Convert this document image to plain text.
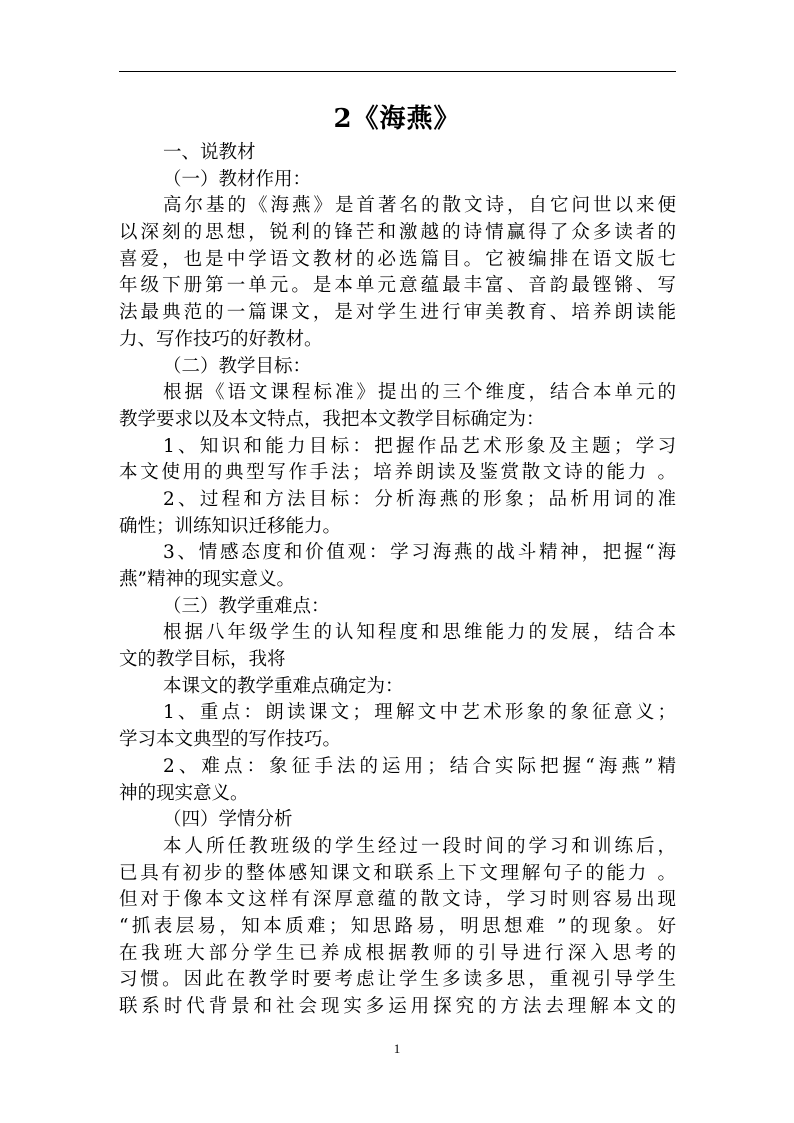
2《海燕》
一、说教材
（一）教材作用：
高尔基的《海燕》是首著名的散文诗，自它问世以来便
以深刻的思想，锐利的锋芒和激越的诗情赢得了众多读者的
喜爱，也是中学语文教材的必选篇目。它被编排在语文版七
年级下册第一单元。是本单元意蕴最丰富、音韵最铿锵、写
法最典范的一篇课文，是对学生进行审美教育、培养朗读能
力、写作技巧的好教材。
（二）教学目标：
根据《语文课程标准》提出的三个维度，结合本单元的
教学要求以及本文特点，我把本文教学目标确定为：
1、知识和能力目标：把握作品艺术形象及主题；学习
本文使用的典型写作手法；培养朗读及鉴赏散文诗的能力 。
2、过程和方法目标：分析海燕的形象；品析用词的准
确性；训练知识迁移能力。
3、情感态度和价值观：学习海燕的战斗精神，把握“海
燕”精神的现实意义。
（三）教学重难点：
根据八年级学生的认知程度和思维能力的发展，结合本
文的教学目标，我将
本课文的教学重难点确定为：
1、重点：朗读课文；理解文中艺术形象的象征意义；
学习本文典型的写作技巧。
2、难点：象征手法的运用；结合实际把握“海燕”精
神的现实意义。
（四）学情分析
本人所任教班级的学生经过一段时间的学习和训练后，
已具有初步的整体感知课文和联系上下文理解句子的能力 。
但对于像本文这样有深厚意蕴的散文诗，学习时则容易出现
“抓表层易，知本质难；知思路易，明思想难 ”的现象。好
在我班大部分学生已养成根据教师的引导进行深入思考的
习惯。因此在教学时要考虑让学生多读多思，重视引导学生
联系时代背景和社会现实多运用探究的方法去理解本文的
1
